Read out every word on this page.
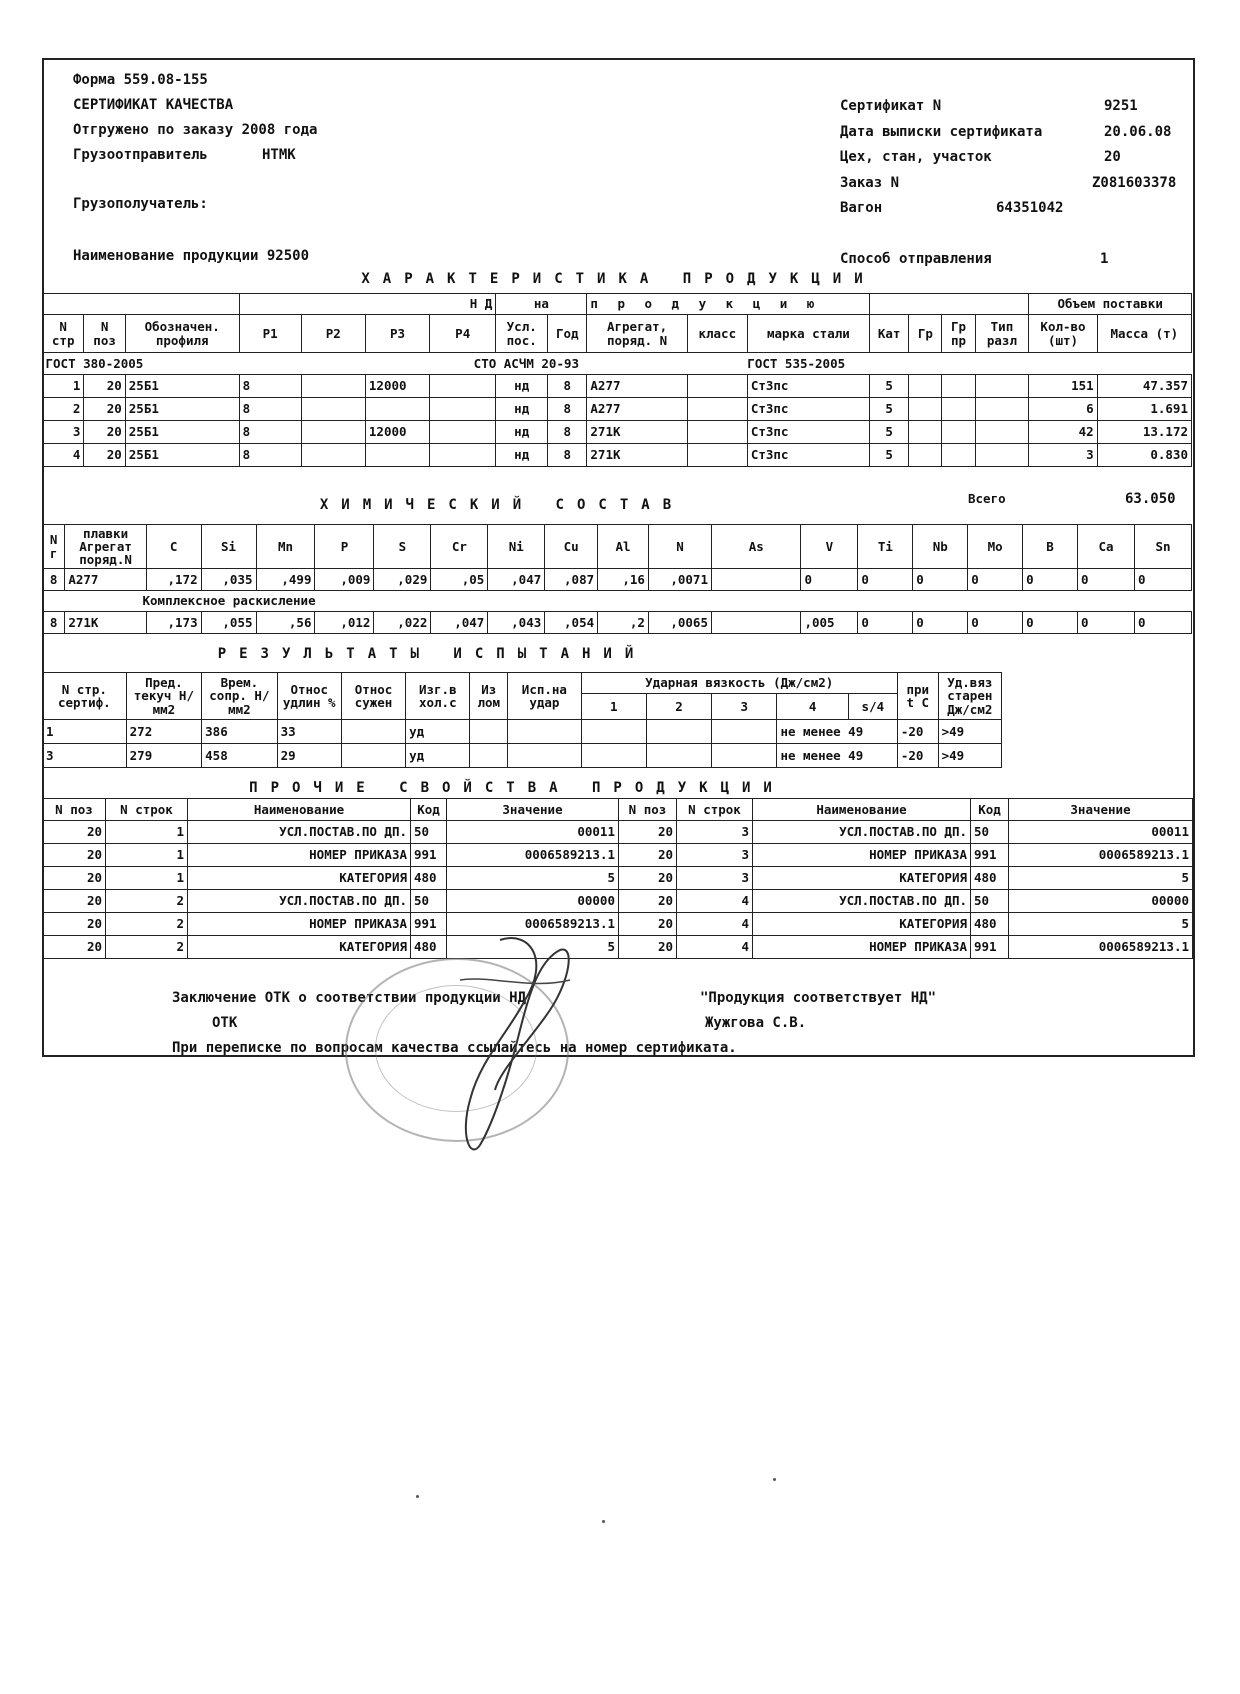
Форма 559.08-155
СЕРТИФИКАТ КАЧЕСТВА
Отгружено по заказу 2008 года
Грузоотправитель	НТМК
Грузополучатель:
Наименование продукции 92500
Сертификат N	9251
Дата выписки сертификата	20.06.08
Цех, стан, участок	20
Заказ N	Z081603378
Вагон	64351042
Способ отправления	1
ХАРАКТЕРИСТИКА ПРОДУКЦИИ
			Н Д				на		п р о д у к ц и ю							Объем поставки	
N стр	N поз	Обозначен. профиля	P1	P2	P3	P4	Усл. пос.	Год	Агрегат, поряд. N	класс	марка стали	Кат	Гр	Гр пр	Тип разл	Кол-во (шт)	Масса (т)
ГОСТ 380-2005					СТО АСЧМ 20-93					ГОСТ 535-2005							
1	20	25Б1	8		12000		нд	8	А277		Ст3пс	5				151	47.357
2	20	25Б1	8				нд	8	А277		Ст3пс	5				6	1.691
3	20	25Б1	8		12000		нд	8	271К		Ст3пс	5				42	13.172
4	20	25Б1	8				нд	8	271К		Ст3пс	5				3	0.830
Всего	63.050
ХИМИЧЕСКИЙ СОСТАВ
N г	плавки Агрегат поряд.N	C	Si	Mn	P	S	Cr	Ni	Cu	Al	N	As	V	Ti	Nb	Mo	B	Ca	Sn
8	А277	,172	,035	,499	,009	,029	,05	,047	,087	,16	,0071		0	0	0	0	0	0	0
Комплексное раскисление																			
8	271К	,173	,055	,56	,012	,022	,047	,043	,054	,2	,0065		,005	0	0	0	0	0	0
РЕЗУЛЬТАТЫ ИСПЫТАНИЙ
N стр. сертиф.	Пред. текуч Н/мм2	Врем. сопр. Н/мм2	Относ удлин %	Относ сужен	Изг.в хол.с	Из лом	Исп.на удар	Ударная вязкость (Дж/см2)					при t C	Уд.вяз старен Дж/см2
								1	2	3	4	s/4		
1	272	386	33		уд						не менее 49		-20	>49
3	279	458	29		уд						не менее 49		-20	>49
ПРОЧИЕ СВОЙСТВА ПРОДУКЦИИ
N поз	N строк	Наименование	Код	Значение	N поз	N строк	Наименование	Код	Значение
20	1	УСЛ.ПОСТАВ.ПО ДП.	50	00011	20	3	УСЛ.ПОСТАВ.ПО ДП.	50	00011
20	1	НОМЕР ПРИКАЗА	991	0006589213.1	20	3	НОМЕР ПРИКАЗА	991	0006589213.1
20	1	КАТЕГОРИЯ	480	5	20	3	КАТЕГОРИЯ	480	5
20	2	УСЛ.ПОСТАВ.ПО ДП.	50	00000	20	4	УСЛ.ПОСТАВ.ПО ДП.	50	00000
20	2	НОМЕР ПРИКАЗА	991	0006589213.1	20	4	КАТЕГОРИЯ	480	5
20	2	КАТЕГОРИЯ	480	5	20	4	НОМЕР ПРИКАЗА	991	0006589213.1
Заключение ОТК о соответствии продукции НД	"Продукция соответствует НД"
ОТК	Жужгова С.В.
При переписке по вопросам качества ссылайтесь на номер сертификата.
